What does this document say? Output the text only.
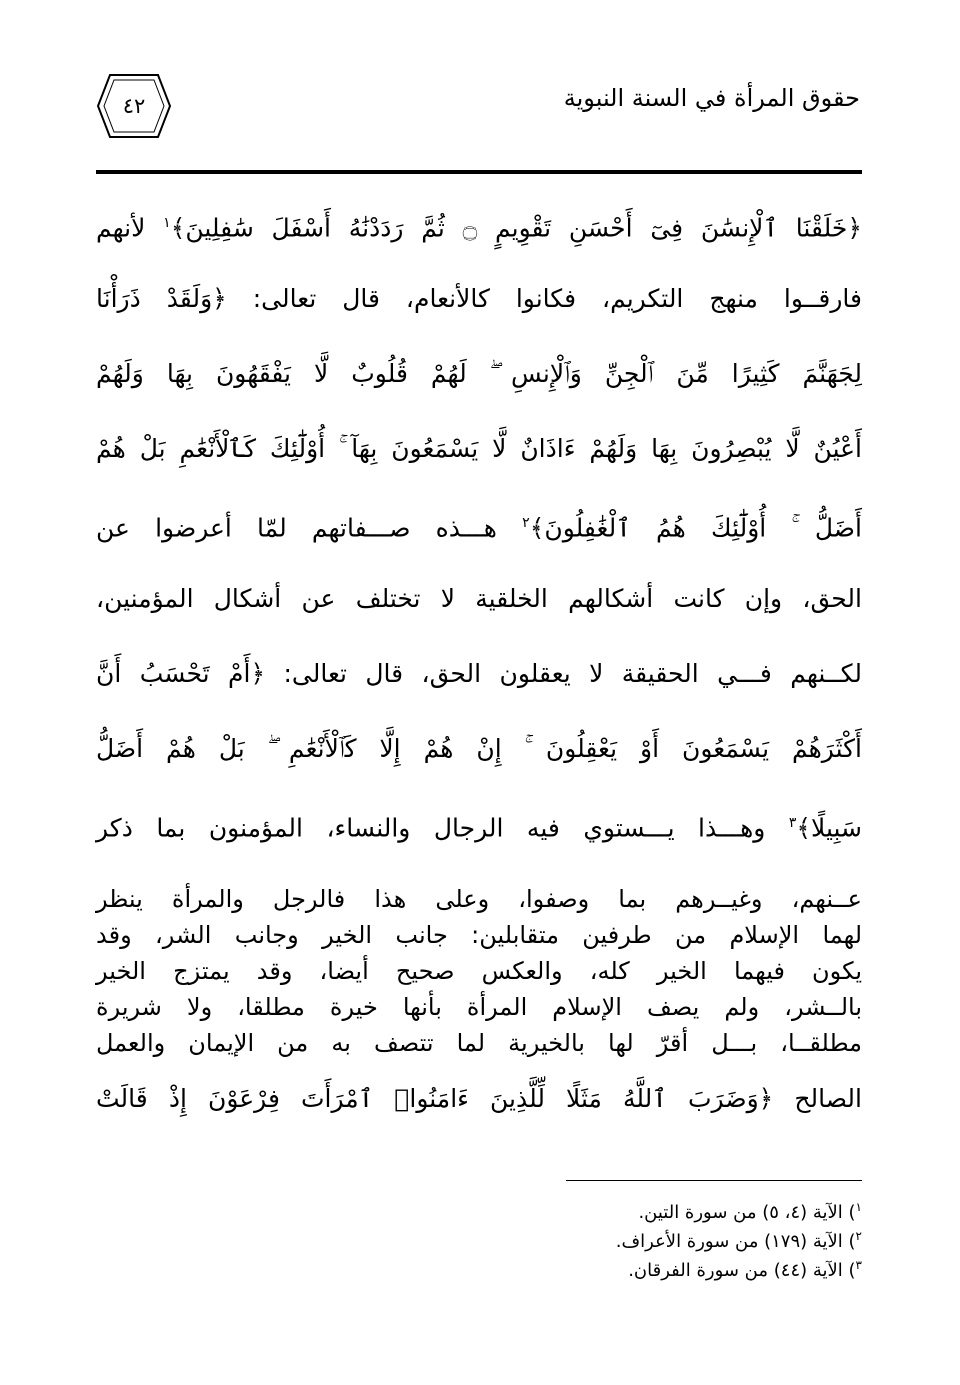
حقوق المرأة في السنة النبوية
٤٢
﴿خَلَقْنَا ٱلْإِنسَٰنَ فِىٓ أَحْسَنِ تَقْوِيمٍ ۝ ثُمَّ رَدَدْنَٰهُ أَسْفَلَ سَٰفِلِينَ﴾$^١$ لأنهم
فارقــوا منهج التكريم، فكانوا كالأنعام، قال تعالى: ﴿وَلَقَدْ ذَرَأْنَا
لِجَهَنَّمَ كَثِيرًا مِّنَ ٱلْجِنِّ وَٱلْإِنسِ ۖ لَهُمْ قُلُوبٌ لَّا يَفْقَهُونَ بِهَا وَلَهُمْ
أَعْيُنٌ لَّا يُبْصِرُونَ بِهَا وَلَهُمْ ءَاذَانٌ لَّا يَسْمَعُونَ بِهَآ ۚ أُوْلَٰٓئِكَ كَٱلْأَنْعَٰمِ بَلْ هُمْ
أَضَلُّ ۚ أُوْلَٰٓئِكَ هُمُ ٱلْغَٰفِلُونَ﴾$^٢$ هـــذه صـــفاتهم لمّا أعرضوا عن
الحق، وإن كانت أشكالهم الخلقية لا تختلف عن أشكال المؤمنين،
لكــنهم فـــي الحقيقة لا يعقلون الحق، قال تعالى: ﴿أَمْ تَحْسَبُ أَنَّ
أَكْثَرَهُمْ يَسْمَعُونَ أَوْ يَعْقِلُونَ ۚ إِنْ هُمْ إِلَّا كَٱلْأَنْعَٰمِ ۖ بَلْ هُمْ أَضَلُّ
سَبِيلًا﴾$^٣$ وهـــذا يـــستوي فيه الرجال والنساء، المؤمنون بما ذكر
عــنهم، وغيــرهم بما وصفوا، وعلى هذا فالرجل والمرأة ينظر
لهما الإسلام من طرفين متقابلين: جانب الخير وجانب الشر، وقد
يكون فيهما الخير كله، والعكس صحيح أيضا، وقد يمتزج الخير
بالــشر، ولم يصف الإسلام المرأة بأنها خيرة مطلقا، ولا شريرة
مطلقــا، بـــل أقرّ لها بالخيرية لما تتصف به من الإيمان والعمل
الصالح ﴿وَضَرَبَ ٱللَّهُ مَثَلًا لِّلَّذِينَ ءَامَنُوا۟ ٱمْرَأَتَ فِرْعَوْنَ إِذْ قَالَتْ
$^١$) الآية (٤، ٥) من سورة التين.
$^٢$) الآية (١٧٩) من سورة الأعراف.
$^٣$) الآية (٤٤) من سورة الفرقان.
